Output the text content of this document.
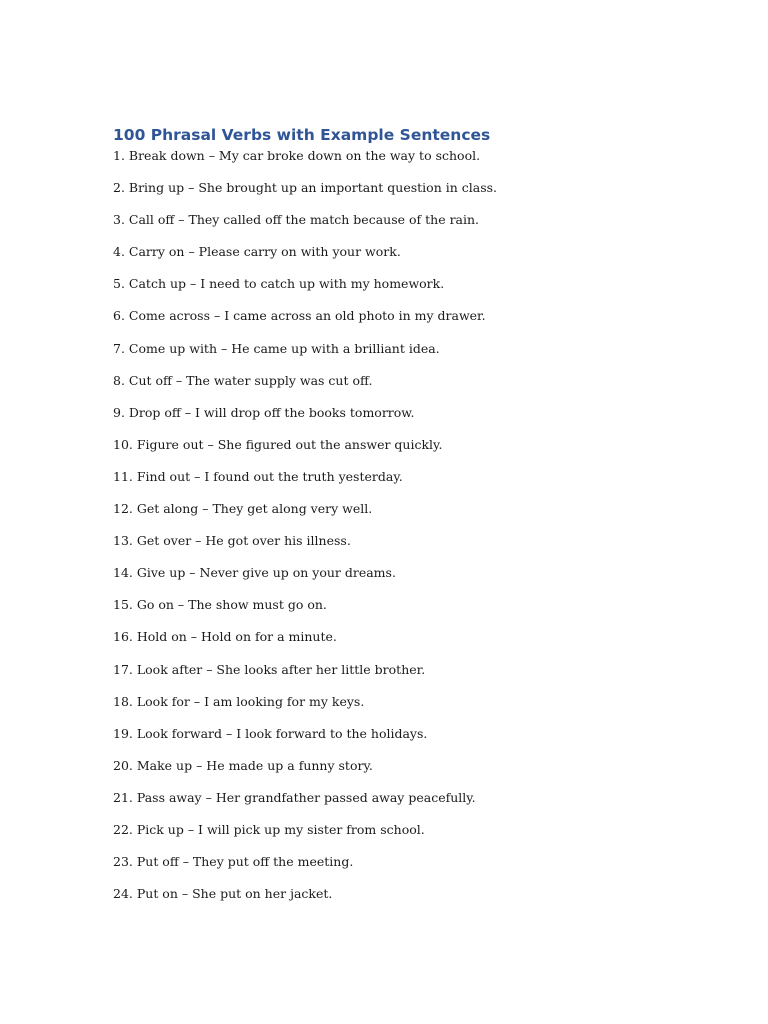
100 Phrasal Verbs with Example Sentences
1. Break down – My car broke down on the way to school.
2. Bring up – She brought up an important question in class.
3. Call off – They called off the match because of the rain.
4. Carry on – Please carry on with your work.
5. Catch up – I need to catch up with my homework.
6. Come across – I came across an old photo in my drawer.
7. Come up with – He came up with a brilliant idea.
8. Cut off – The water supply was cut off.
9. Drop off – I will drop off the books tomorrow.
10. Figure out – She figured out the answer quickly.
11. Find out – I found out the truth yesterday.
12. Get along – They get along very well.
13. Get over – He got over his illness.
14. Give up – Never give up on your dreams.
15. Go on – The show must go on.
16. Hold on – Hold on for a minute.
17. Look after – She looks after her little brother.
18. Look for – I am looking for my keys.
19. Look forward – I look forward to the holidays.
20. Make up – He made up a funny story.
21. Pass away – Her grandfather passed away peacefully.
22. Pick up – I will pick up my sister from school.
23. Put off – They put off the meeting.
24. Put on – She put on her jacket.
